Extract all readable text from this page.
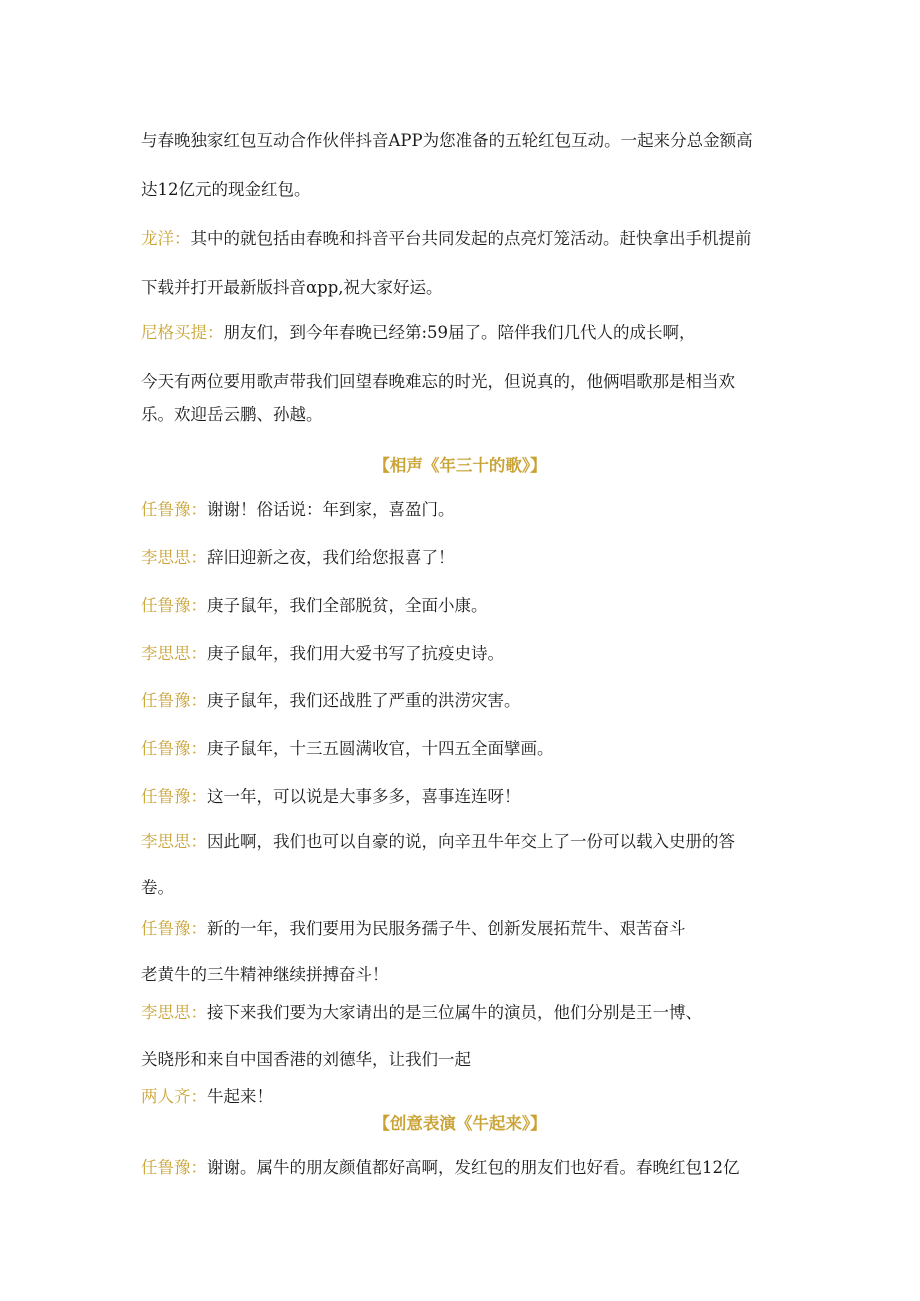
与春晚独家红包互动合作伙伴抖音APP为您准备的五轮红包互动。一起来分总金额高
达12亿元的现金红包。
龙洋：其中的就包括由春晚和抖音平台共同发起的点亮灯笼活动。赶快拿出手机提前
下载并打开最新版抖音αpp,祝大家好运。
尼格买提：朋友们，到今年春晚已经第:59届了。陪伴我们几代人的成长啊，
今天有两位要用歌声带我们回望春晚难忘的时光，但说真的，他俩唱歌那是相当欢
乐。欢迎岳云鹏、孙越。
【相声《年三十的歌》】
任鲁豫：谢谢！俗话说：年到家，喜盈门。
李思思：辞旧迎新之夜，我们给您报喜了！
任鲁豫：庚子鼠年，我们全部脱贫，全面小康。
李思思：庚子鼠年，我们用大爱书写了抗疫史诗。
任鲁豫：庚子鼠年，我们还战胜了严重的洪涝灾害。
任鲁豫：庚子鼠年，十三五圆满收官，十四五全面擘画。
任鲁豫：这一年，可以说是大事多多，喜事连连呀！
李思思：因此啊，我们也可以自豪的说，向辛丑牛年交上了一份可以载入史册的答
卷。
任鲁豫：新的一年，我们要用为民服务孺子牛、创新发展拓荒牛、艰苦奋斗
老黄牛的三牛精神继续拼搏奋斗！
李思思：接下来我们要为大家请出的是三位属牛的演员，他们分别是王一博、
关晓彤和来自中国香港的刘德华，让我们一起
两人齐：牛起来！
【创意表演《牛起来》】
任鲁豫：谢谢。属牛的朋友颜值都好高啊，发红包的朋友们也好看。春晚红包12亿
